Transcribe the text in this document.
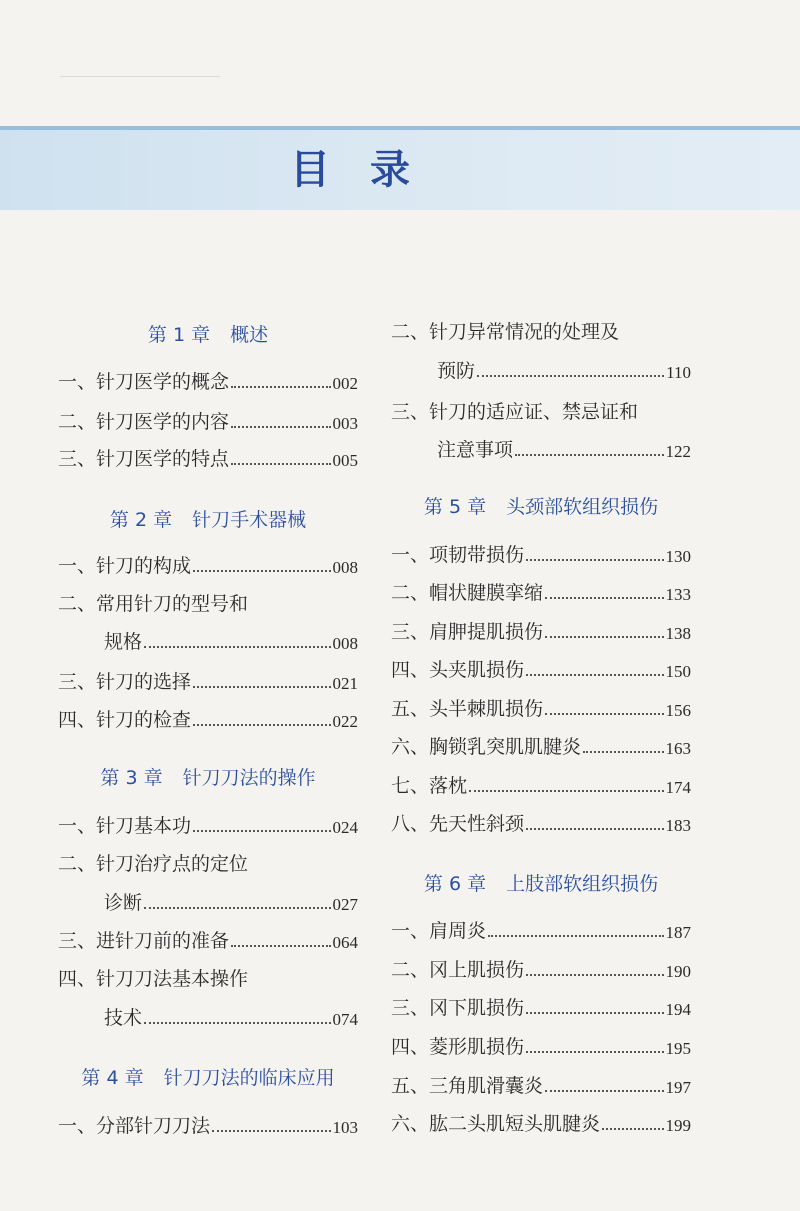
目录
第 1 章 概述
一、针刀医学的概念	002
二、针刀医学的内容	003
三、针刀医学的特点	005
第 2 章 针刀手术器械
一、针刀的构成	008
二、常用针刀的型号和
规格	008
三、针刀的选择	021
四、针刀的检查	022
第 3 章 针刀刀法的操作
一、针刀基本功	024
二、针刀治疗点的定位
诊断	027
三、进针刀前的准备	064
四、针刀刀法基本操作
技术	074
第 4 章 针刀刀法的临床应用
一、分部针刀刀法	103
二、针刀异常情况的处理及
预防	110
三、针刀的适应证、禁忌证和
注意事项	122
第 5 章 头颈部软组织损伤
一、项韧带损伤	130
二、帽状腱膜挛缩	133
三、肩胛提肌损伤	138
四、头夹肌损伤	150
五、头半棘肌损伤	156
六、胸锁乳突肌肌腱炎	163
七、落枕	174
八、先天性斜颈	183
第 6 章 上肢部软组织损伤
一、肩周炎	187
二、冈上肌损伤	190
三、冈下肌损伤	194
四、菱形肌损伤	195
五、三角肌滑囊炎	197
六、肱二头肌短头肌腱炎	199
